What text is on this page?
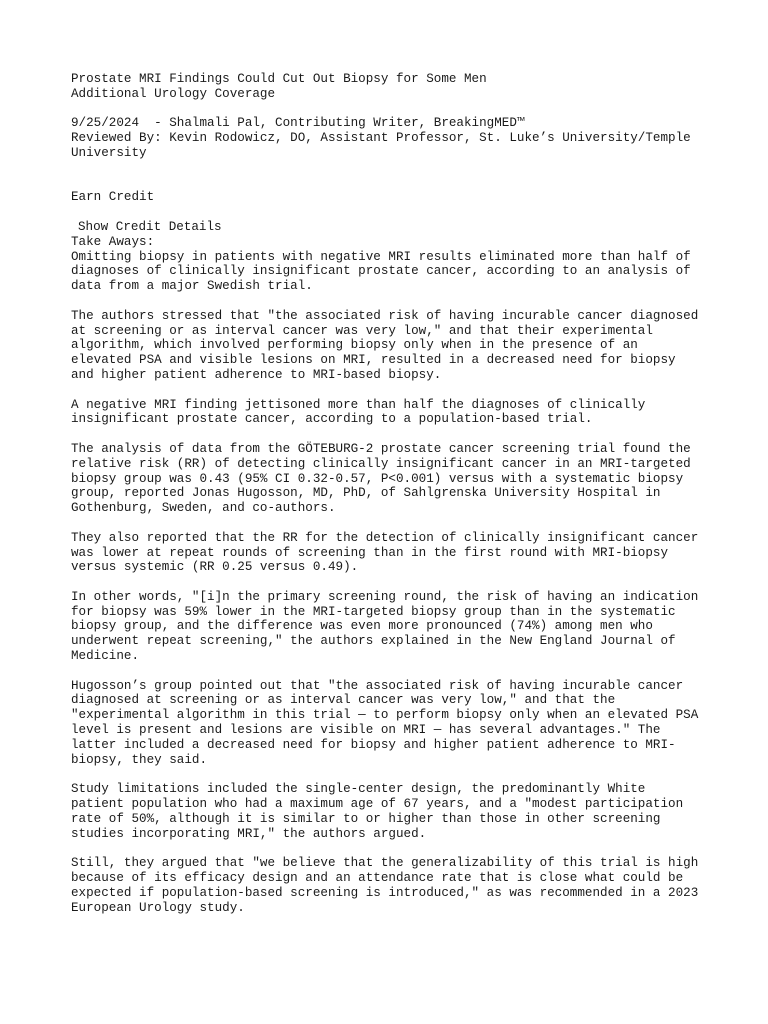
Prostate MRI Findings Could Cut Out Biopsy for Some Men
Additional Urology Coverage
9/25/2024  - Shalmali Pal, Contributing Writer, BreakingMED™
Reviewed By: Kevin Rodowicz, DO, Assistant Professor, St. Luke’s University/Temple
University
Earn Credit
Show Credit Details
Take Aways:
Omitting biopsy in patients with negative MRI results eliminated more than half of
diagnoses of clinically insignificant prostate cancer, according to an analysis of
data from a major Swedish trial.
The authors stressed that "the associated risk of having incurable cancer diagnosed
at screening or as interval cancer was very low," and that their experimental
algorithm, which involved performing biopsy only when in the presence of an
elevated PSA and visible lesions on MRI, resulted in a decreased need for biopsy
and higher patient adherence to MRI-based biopsy.
A negative MRI finding jettisoned more than half the diagnoses of clinically
insignificant prostate cancer, according to a population-based trial.
The analysis of data from the GÖTEBURG-2 prostate cancer screening trial found the
relative risk (RR) of detecting clinically insignificant cancer in an MRI-targeted
biopsy group was 0.43 (95% CI 0.32-0.57, P<0.001) versus with a systematic biopsy
group, reported Jonas Hugosson, MD, PhD, of Sahlgrenska University Hospital in
Gothenburg, Sweden, and co-authors.
They also reported that the RR for the detection of clinically insignificant cancer
was lower at repeat rounds of screening than in the first round with MRI-biopsy
versus systemic (RR 0.25 versus 0.49).
In other words, "[i]n the primary screening round, the risk of having an indication
for biopsy was 59% lower in the MRI-targeted biopsy group than in the systematic
biopsy group, and the difference was even more pronounced (74%) among men who
underwent repeat screening," the authors explained in the New England Journal of
Medicine.
Hugosson’s group pointed out that "the associated risk of having incurable cancer
diagnosed at screening or as interval cancer was very low," and that the
"experimental algorithm in this trial — to perform biopsy only when an elevated PSA
level is present and lesions are visible on MRI — has several advantages." The
latter included a decreased need for biopsy and higher patient adherence to MRI-
biopsy, they said.
Study limitations included the single-center design, the predominantly White
patient population who had a maximum age of 67 years, and a "modest participation
rate of 50%, although it is similar to or higher than those in other screening
studies incorporating MRI," the authors argued.
Still, they argued that "we believe that the generalizability of this trial is high
because of its efficacy design and an attendance rate that is close what could be
expected if population-based screening is introduced," as was recommended in a 2023
European Urology study.
